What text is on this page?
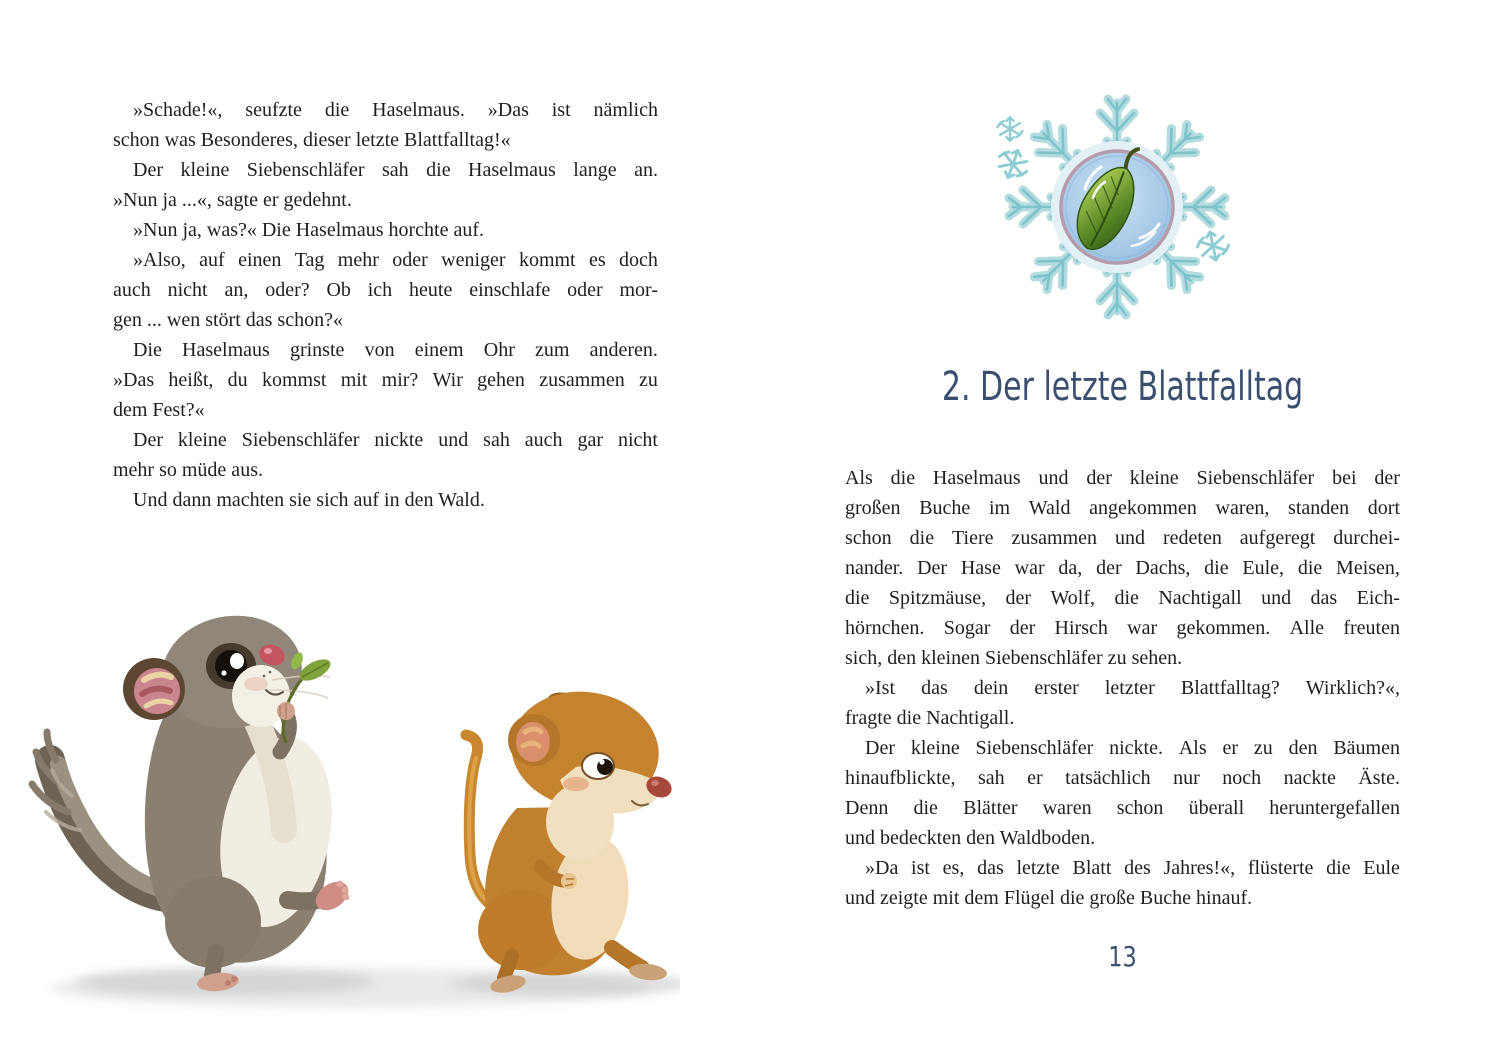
»Schade!«, seufzte die Haselmaus. »Das ist nämlich
schon was Besonderes, dieser letzte Blattfalltag!«
Der kleine Siebenschläfer sah die Haselmaus lange an.
»Nun ja ...«, sagte er gedehnt.
»Nun ja, was?« Die Haselmaus horchte auf.
»Also, auf einen Tag mehr oder weniger kommt es doch
auch nicht an, oder? Ob ich heute einschlafe oder mor-
gen ... wen stört das schon?«
Die Haselmaus grinste von einem Ohr zum anderen.
»Das heißt, du kommst mit mir? Wir gehen zusammen zu
dem Fest?«
Der kleine Siebenschläfer nickte und sah auch gar nicht
mehr so müde aus.
Und dann machten sie sich auf in den Wald.
2. Der letzte Blattfalltag
Als die Haselmaus und der kleine Siebenschläfer bei der
großen Buche im Wald angekommen waren, standen dort
schon die Tiere zusammen und redeten aufgeregt durchei-
nander. Der Hase war da, der Dachs, die Eule, die Meisen,
die Spitzmäuse, der Wolf, die Nachtigall und das Eich-
hörnchen. Sogar der Hirsch war gekommen. Alle freuten
sich, den kleinen Siebenschläfer zu sehen.
»Ist das dein erster letzter Blattfalltag? Wirklich?«,
fragte die Nachtigall.
Der kleine Siebenschläfer nickte. Als er zu den Bäumen
hinaufblickte, sah er tatsächlich nur noch nackte Äste.
Denn die Blätter waren schon überall heruntergefallen
und bedeckten den Waldboden.
»Da ist es, das letzte Blatt des Jahres!«, flüsterte die Eule
und zeigte mit dem Flügel die große Buche hinauf.
13
